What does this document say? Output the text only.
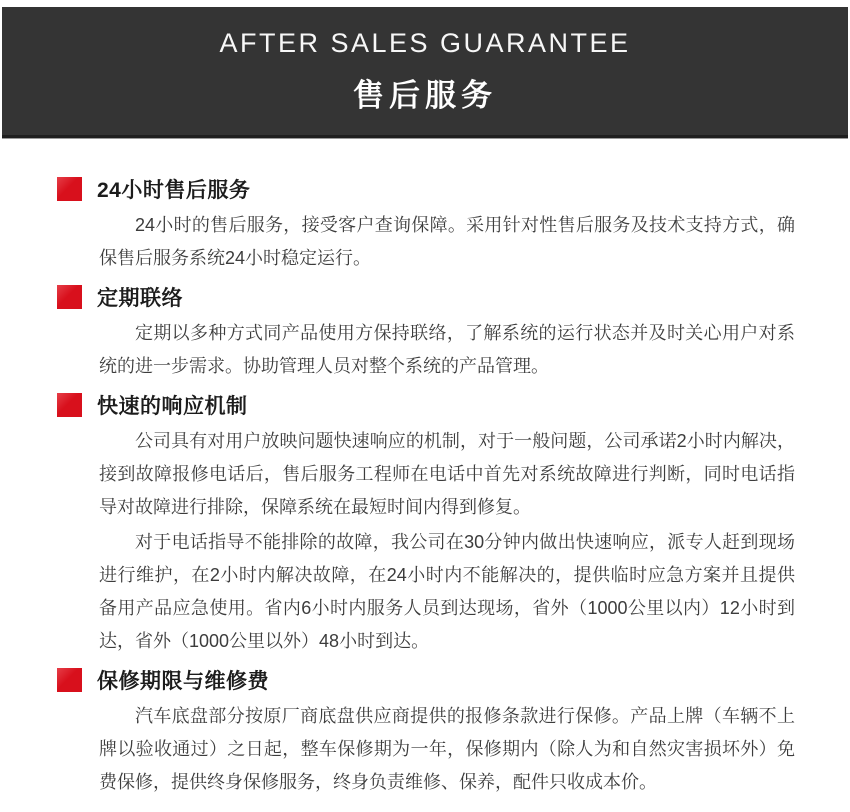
AFTER SALES GUARANTEE
售后服务
24小时售后服务

24小时的售后服务，接受客户查询保障。采用针对性售后服务及技术支持方式，确保售后服务系统24小时稳定运行。

定期联络

定期以多种方式同产品使用方保持联络，了解系统的运行状态并及时关心用户对系统的进一步需求。协助管理人员对整个系统的产品管理。

快速的响应机制

公司具有对用户放映问题快速响应的机制，对于一般问题，公司承诺2小时内解决，接到故障报修电话后，售后服务工程师在电话中首先对系统故障进行判断，同时电话指导对故障进行排除，保障系统在最短时间内得到修复。

对于电话指导不能排除的故障，我公司在30分钟内做出快速响应，派专人赶到现场进行维护，在2小时内解决故障，在24小时内不能解决的，提供临时应急方案并且提供备用产品应急使用。省内6小时内服务人员到达现场，省外（1000公里以内）12小时到达，省外（1000公里以外）48小时到达。

保修期限与维修费

汽车底盘部分按原厂商底盘供应商提供的报修条款进行保修。产品上牌（车辆不上牌以验收通过）之日起，整车保修期为一年，保修期内（除人为和自然灾害损坏外）免费保修，提供终身保修服务，终身负责维修、保养，配件只收成本价。
